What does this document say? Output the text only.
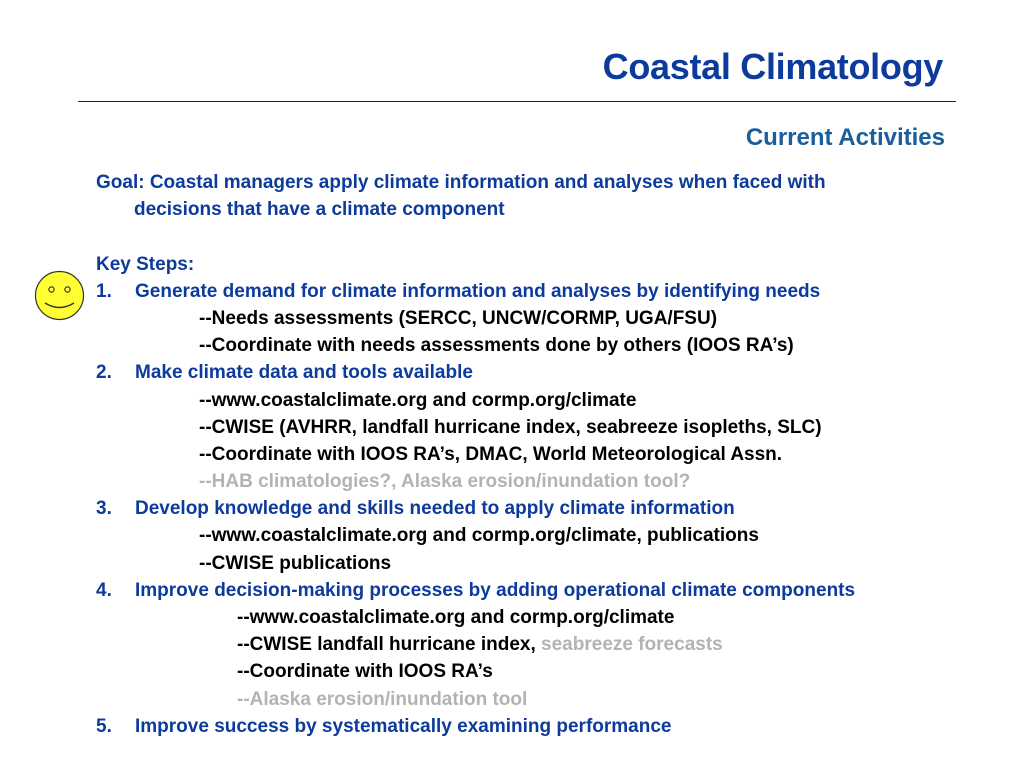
Coastal Climatology
Current Activities
Goal: Coastal managers apply climate information and analyses when faced with
decisions that have a climate component
Key Steps:
1. Generate demand for climate information and analyses by identifying needs
--Needs assessments (SERCC, UNCW/CORMP, UGA/FSU)
--Coordinate with needs assessments done by others (IOOS RA’s)
2. Make climate data and tools available
--www.coastalclimate.org and cormp.org/climate
--CWISE (AVHRR, landfall hurricane index, seabreeze isopleths, SLC)
--Coordinate with IOOS RA’s, DMAC, World Meteorological Assn.
--HAB climatologies?, Alaska erosion/inundation tool?
3. Develop knowledge and skills needed to apply climate information
--www.coastalclimate.org and cormp.org/climate, publications
--CWISE publications
4. Improve decision-making processes by adding operational climate components
--www.coastalclimate.org and cormp.org/climate
--CWISE landfall hurricane index, seabreeze forecasts
--Coordinate with IOOS RA’s
--Alaska erosion/inundation tool
5. Improve success by systematically examining performance
